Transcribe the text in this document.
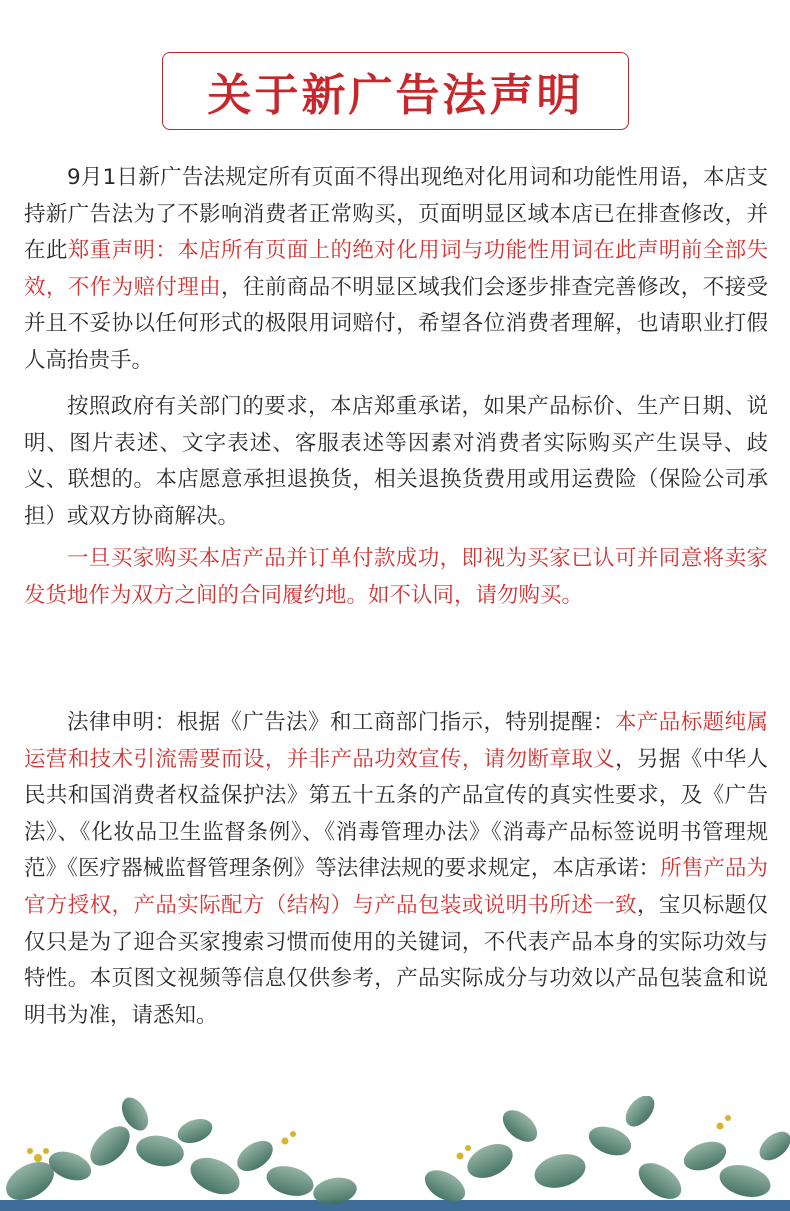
关于新广告法声明

9月1日新广告法规定所有页面不得出现绝对化用词和功能性用语，本店支持新广告法为了不影响消费者正常购买，页面明显区域本店已在排查修改，并在此郑重声明：本店所有页面上的绝对化用词与功能性用词在此声明前全部失效，不作为赔付理由，往前商品不明显区域我们会逐步排查完善修改，不接受并且不妥协以任何形式的极限用词赔付，希望各位消费者理解，也请职业打假人高抬贵手。

按照政府有关部门的要求，本店郑重承诺，如果产品标价、生产日期、说明、图片表述、文字表述、客服表述等因素对消费者实际购买产生误导、歧义、联想的。本店愿意承担退换货，相关退换货费用或用运费险（保险公司承担）或双方协商解决。

一旦买家购买本店产品并订单付款成功，即视为买家已认可并同意将卖家发货地作为双方之间的合同履约地。如不认同，请勿购买。

法律申明：根据《广告法》和工商部门指示，特别提醒：本产品标题纯属运营和技术引流需要而设，并非产品功效宣传，请勿断章取义，另据《中华人民共和国消费者权益保护法》第五十五条的产品宣传的真实性要求，及《广告法》、《化妆品卫生监督条例》、《消毒管理办法》《消毒产品标签说明书管理规范》《医疗器械监督管理条例》等法律法规的要求规定，本店承诺：所售产品为官方授权，产品实际配方（结构）与产品包装或说明书所述一致，宝贝标题仅仅只是为了迎合买家搜索习惯而使用的关键词，不代表产品本身的实际功效与特性。本页图文视频等信息仅供参考，产品实际成分与功效以产品包装盒和说明书为准，请悉知。
